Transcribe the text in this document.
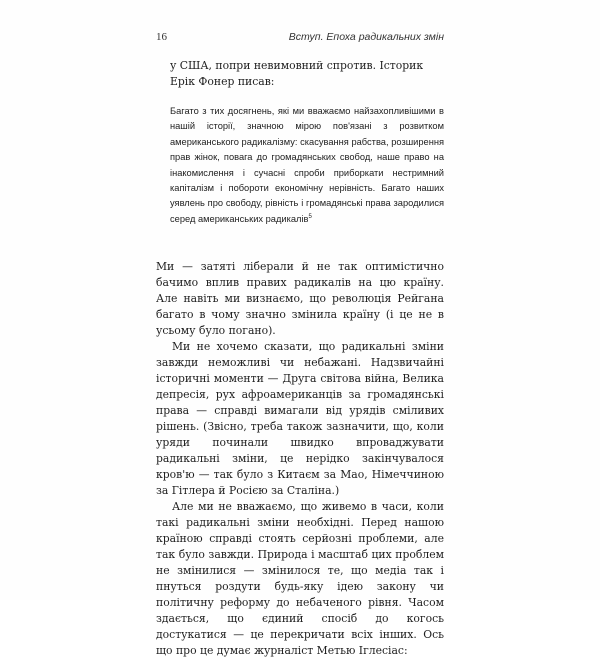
16	Вступ. Епоха радикальних змін

у США, попри невимовний спротив. Історик Ерік Фонер писав:

Багато з тих досягнень, які ми вважаємо найзахопливішими в нашій історії, значною мірою пов'язані з розвитком американського радикалізму: скасування рабства, розширення прав жінок, повага до громадянських свобод, наше право на інакомислення і сучасні спроби приборкати нестримний капіталізм і побороти економічну нерівність. Багато наших уявлень про свободу, рівність і громадянські права зародилися серед американських радикалів$^5$

Ми — затяті ліберали й не так оптимістично бачимо вплив правих радикалів на цю країну. Але навіть ми визнаємо, що революція Рейгана багато в чому значно змінила країну (і це не в усьому було погано).

Ми не хочемо сказати, що радикальні зміни завжди неможливі чи небажані. Надзвичайні історичні моменти — Друга світова війна, Велика депресія, рух афроамериканців за громадянські права — справді вимагали від урядів сміливих рішень. (Звісно, треба також зазначити, що, коли уряди починали швидко впроваджувати радикальні зміни, це нерідко закінчувалося кров'ю — так було з Китаєм за Мао, Німеччиною за Гітлера й Росією за Сталіна.)

Але ми не вважаємо, що живемо в часи, коли такі радикальні зміни необхідні. Перед нашою країною справді стоять серйозні проблеми, але так було завжди. Природа і масштаб цих проблем не змінилися — змінилося те, що медіа так і пнуться роздути будь-яку ідею закону чи політичну реформу до небаченого рівня. Часом здається, що єдиний спосіб до когось достукатися — це перекричати всіх інших. Ось що про це думає журналіст Метью Іглесіас:
